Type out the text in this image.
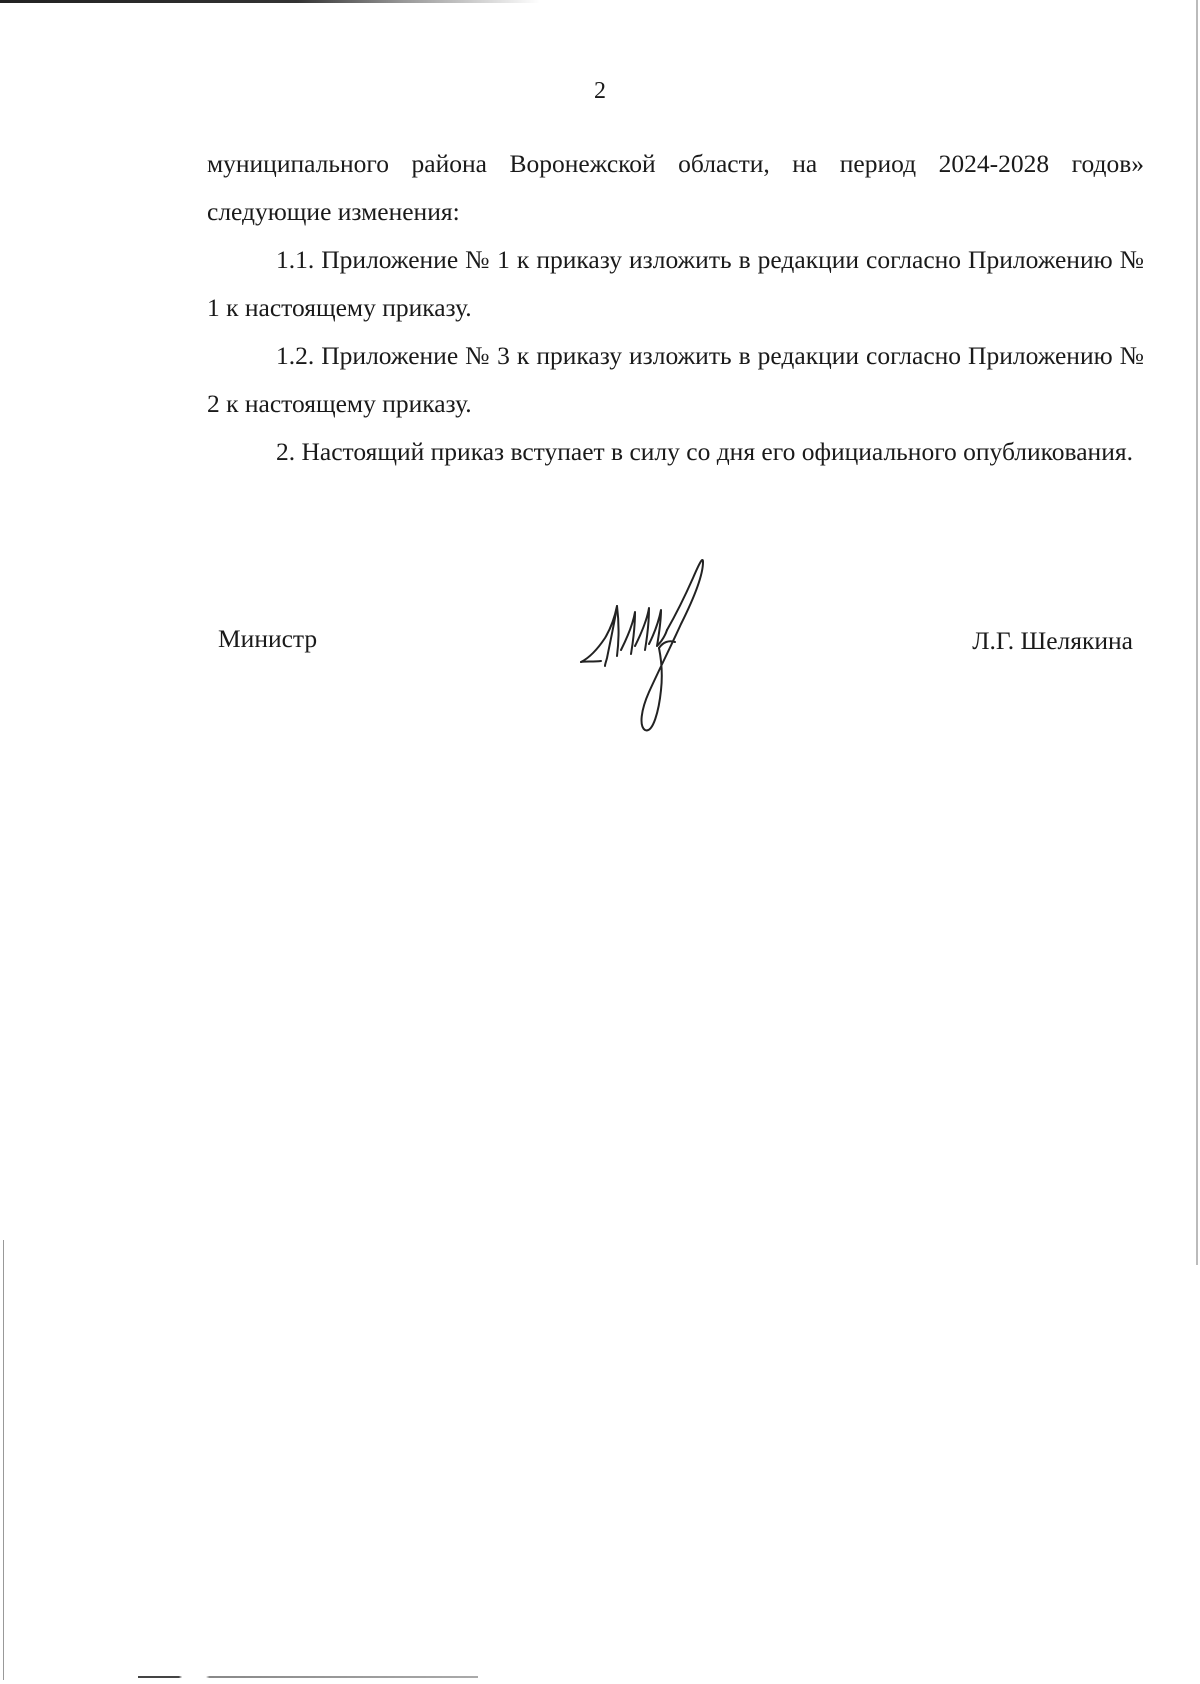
2

муниципального района Воронежской области, на период 2024-2028 годов» следующие изменения:

1.1. Приложение № 1 к приказу изложить в редакции согласно Приложению № 1 к настоящему приказу.

1.2. Приложение № 3 к приказу изложить в редакции согласно Приложению № 2 к настоящему приказу.

2. Настоящий приказ вступает в силу со дня его официального опубликования.

Министр	Л.Г. Шелякина
